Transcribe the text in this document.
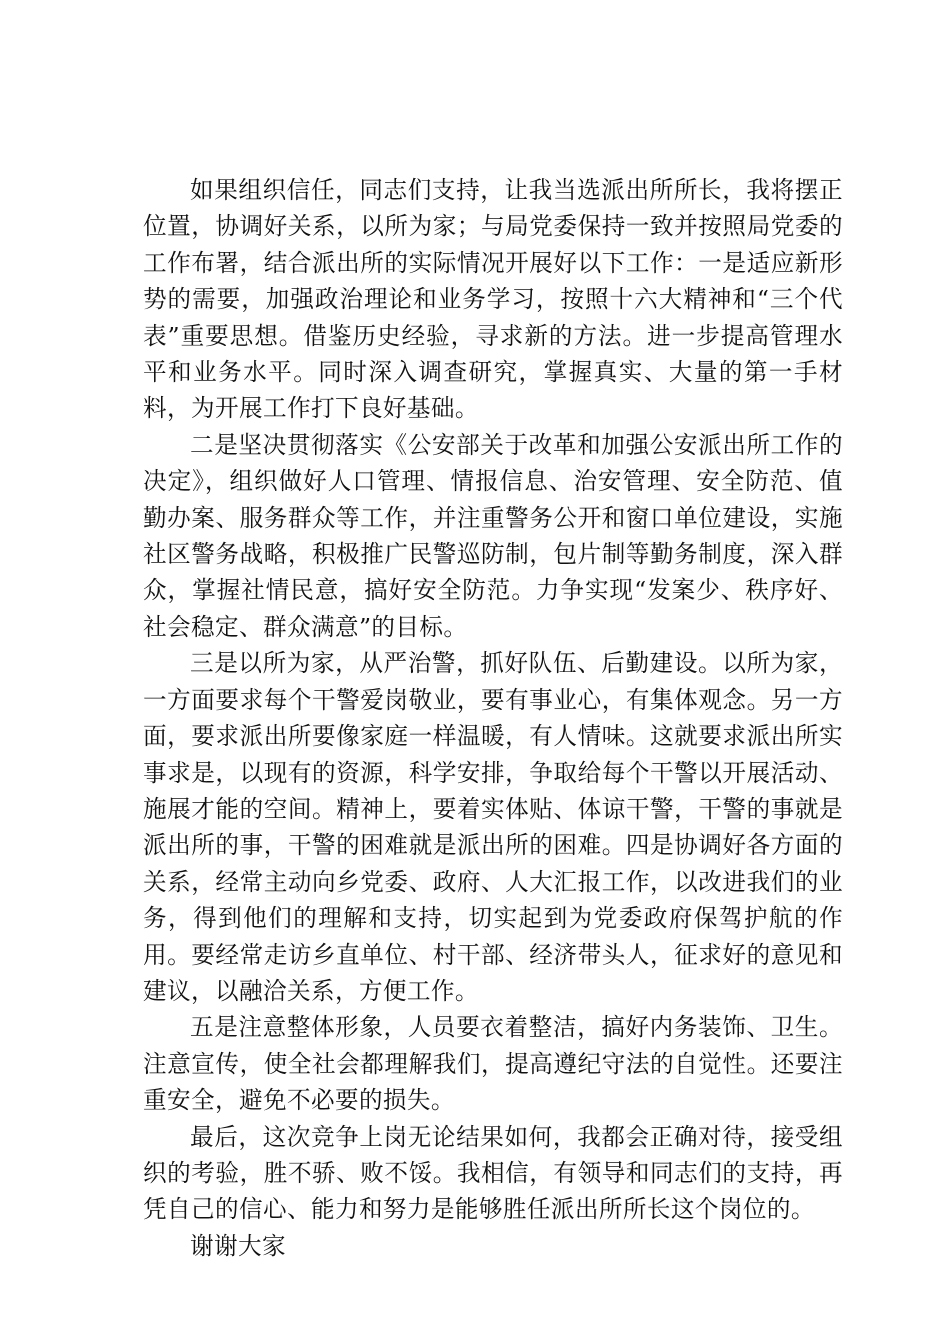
如果组织信任，同志们支持，让我当选派出所所长，我将摆正位置，协调好关系，以所为家；与局党委保持一致并按照局党委的工作布署，结合派出所的实际情况开展好以下工作：一是适应新形势的需要，加强政治理论和业务学习，按照十六大精神和“三个代表”重要思想。借鉴历史经验，寻求新的方法。进一步提高管理水平和业务水平。同时深入调查研究，掌握真实、大量的第一手材料，为开展工作打下良好基础。

二是坚决贯彻落实《公安部关于改革和加强公安派出所工作的决定》，组织做好人口管理、情报信息、治安管理、安全防范、值勤办案、服务群众等工作，并注重警务公开和窗口单位建设，实施社区警务战略，积极推广民警巡防制，包片制等勤务制度，深入群众，掌握社情民意，搞好安全防范。力争实现“发案少、秩序好、社会稳定、群众满意”的目标。

三是以所为家，从严治警，抓好队伍、后勤建设。以所为家，一方面要求每个干警爱岗敬业，要有事业心，有集体观念。另一方面，要求派出所要像家庭一样温暖，有人情味。这就要求派出所实事求是，以现有的资源，科学安排，争取给每个干警以开展活动、施展才能的空间。精神上，要着实体贴、体谅干警，干警的事就是派出所的事，干警的困难就是派出所的困难。四是协调好各方面的关系，经常主动向乡党委、政府、人大汇报工作，以改进我们的业务，得到他们的理解和支持，切实起到为党委政府保驾护航的作用。要经常走访乡直单位、村干部、经济带头人，征求好的意见和建议，以融洽关系，方便工作。

五是注意整体形象，人员要衣着整洁，搞好内务装饰、卫生。注意宣传，使全社会都理解我们，提高遵纪守法的自觉性。还要注重安全，避免不必要的损失。

最后，这次竞争上岗无论结果如何，我都会正确对待，接受组织的考验，胜不骄、败不馁。我相信，有领导和同志们的支持，再凭自己的信心、能力和努力是能够胜任派出所所长这个岗位的。

谢谢大家
